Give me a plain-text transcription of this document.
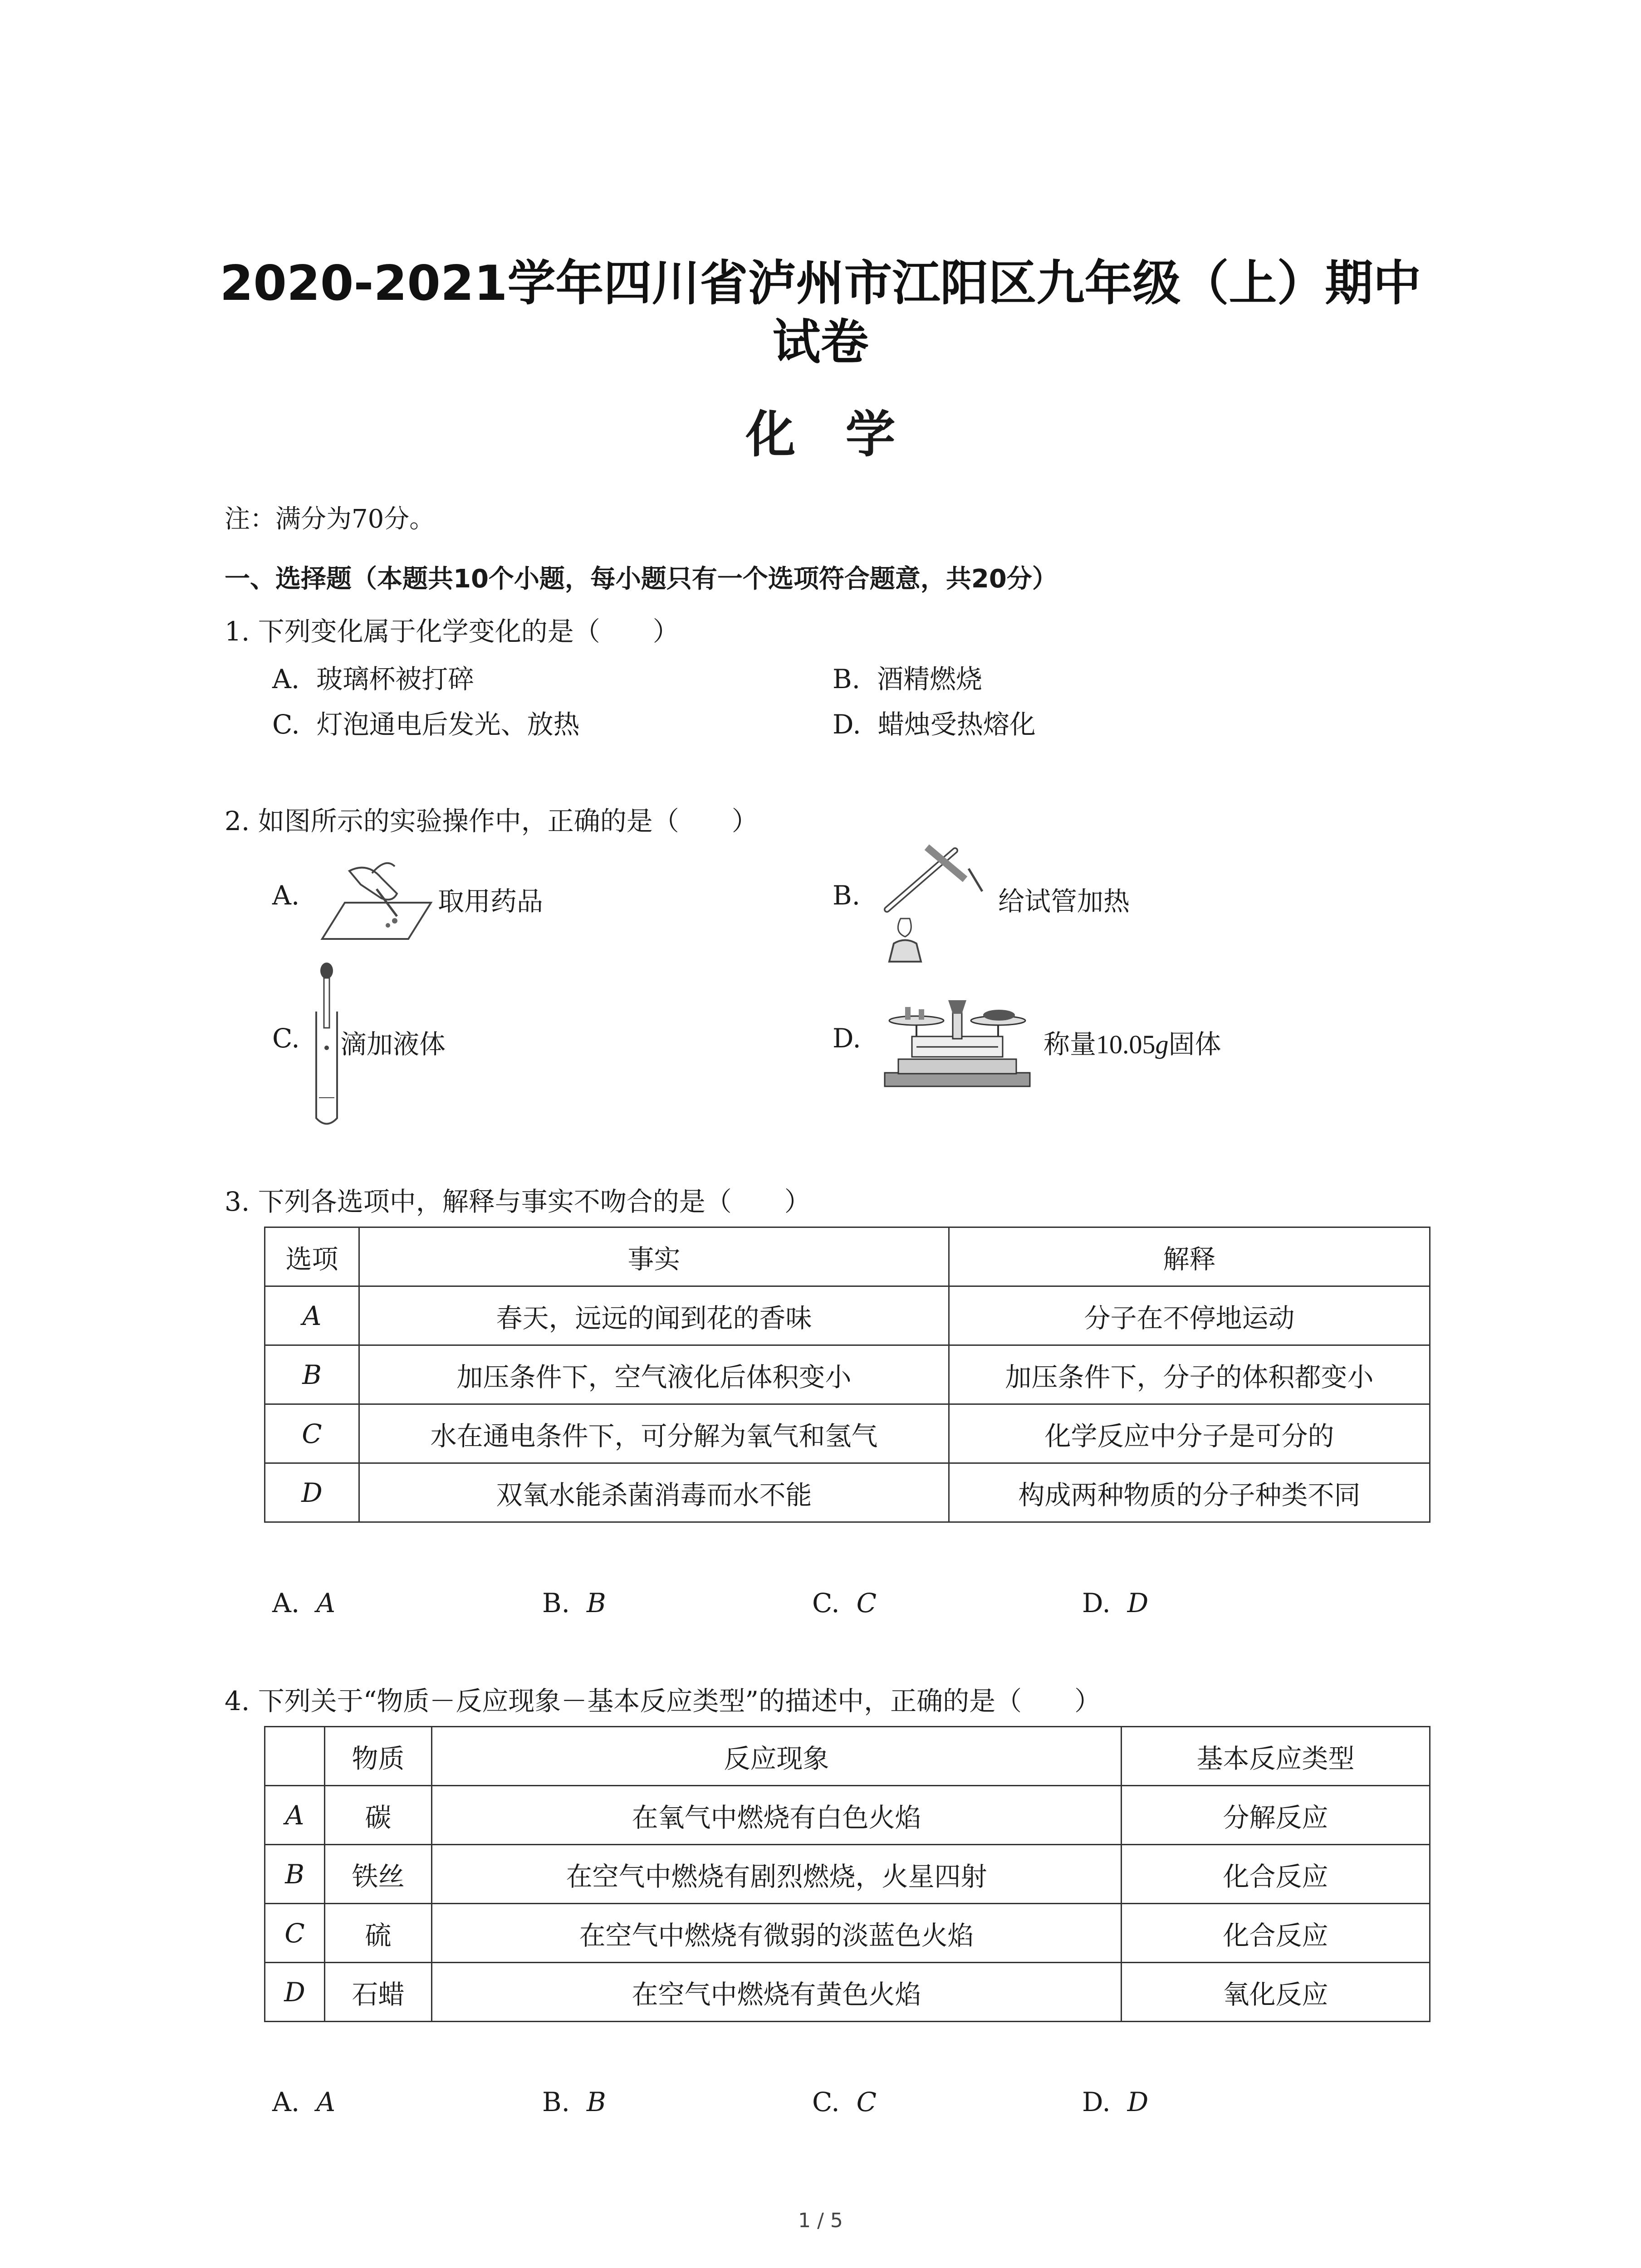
2020-2021学年四川省泸州市江阳区九年级（上）期中
试卷
化学
注：满分为70分。
一、选择题（本题共10个小题，每小题只有一个选项符合题意，共20分）
1. 下列变化属于化学变化的是（　　）
A. 玻璃杯被打碎	B. 酒精燃烧
C. 灯泡通电后发光、放热	D. 蜡烛受热熔化
2. 如图所示的实验操作中，正确的是（　　）
A.	取用药品	B.	给试管加热
C. 滴加液体	D.	称量10.05g固体
3. 下列各选项中，解释与事实不吻合的是（　　）
选项	事实	解释
A	春天，远远的闻到花的香味	分子在不停地运动
B	加压条件下，空气液化后体积变小	加压条件下，分子的体积都变小
C	水在通电条件下，可分解为氧气和氢气	化学反应中分子是可分的
D	双氧水能杀菌消毒而水不能	构成两种物质的分子种类不同
A. A	B. B	C. C	D. D
4. 下列关于“物质－反应现象－基本反应类型”的描述中，正确的是（　　）
	物质	反应现象	基本反应类型
A	碳	在氧气中燃烧有白色火焰	分解反应
B	铁丝	在空气中燃烧有剧烈燃烧，火星四射	化合反应
C	硫	在空气中燃烧有微弱的淡蓝色火焰	化合反应
D	石蜡	在空气中燃烧有黄色火焰	氧化反应
A. A	B. B	C. C	D. D
1 / 5
